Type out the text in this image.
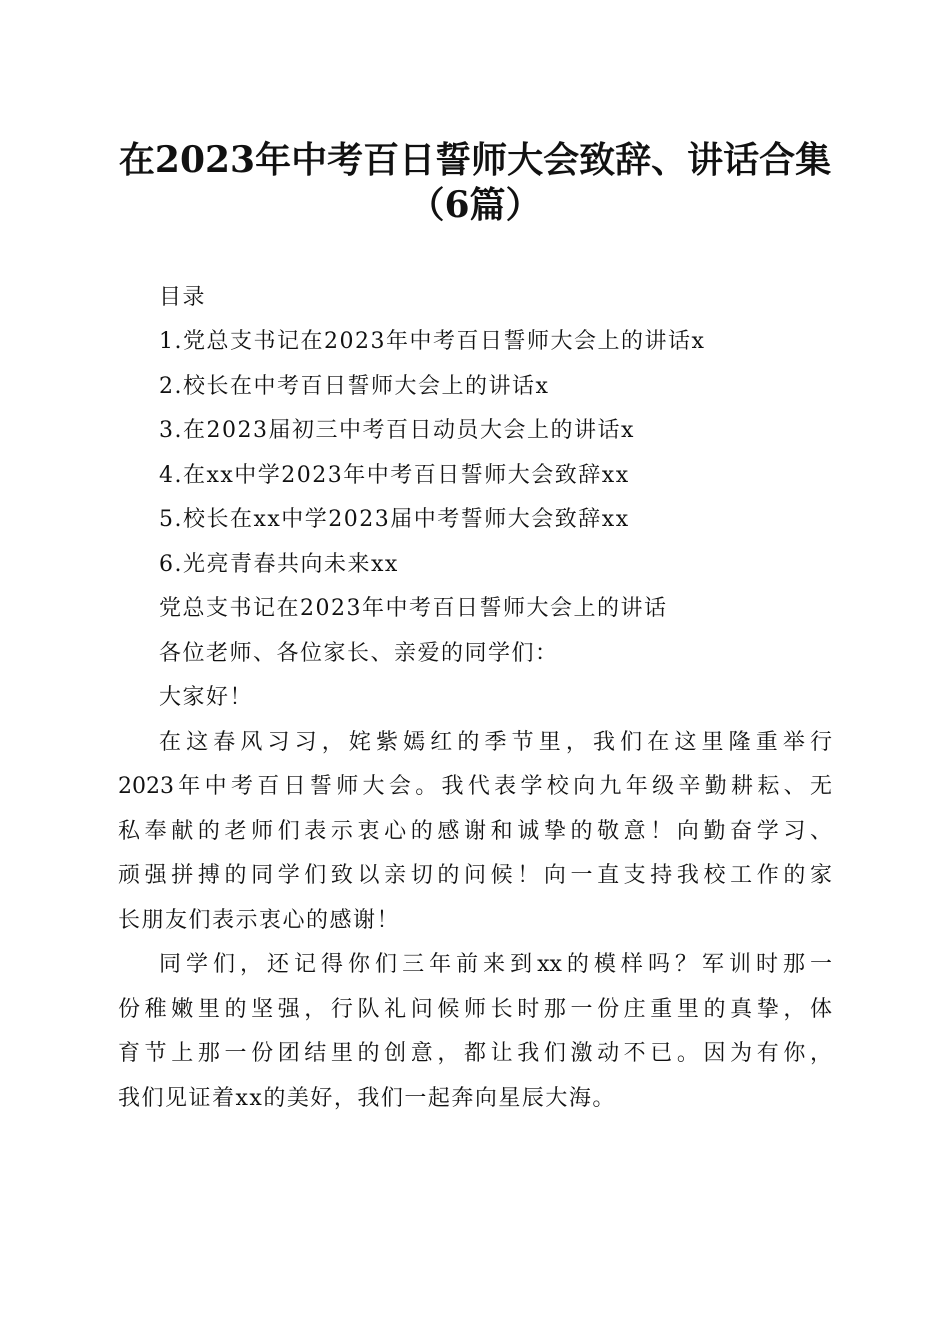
在2023年中考百日誓师大会致辞、讲话合集
（6篇）
目录
1.党总支书记在2023年中考百日誓师大会上的讲话x
2.校长在中考百日誓师大会上的讲话x
3.在2023届初三中考百日动员大会上的讲话x
4.在xx中学2023年中考百日誓师大会致辞xx
5.校长在xx中学2023届中考誓师大会致辞xx
6.光亮青春共向未来xx
党总支书记在2023年中考百日誓师大会上的讲话
各位老师、各位家长、亲爱的同学们：
大家好！
在这春风习习，姹紫嫣红的季节里，我们在这里隆重举行
2023年中考百日誓师大会。我代表学校向九年级辛勤耕耘、无
私奉献的老师们表示衷心的感谢和诚挚的敬意！向勤奋学习、
顽强拼搏的同学们致以亲切的问候！向一直支持我校工作的家
长朋友们表示衷心的感谢！
同学们，还记得你们三年前来到xx的模样吗？军训时那一
份稚嫩里的坚强，行队礼问候师长时那一份庄重里的真挚，体
育节上那一份团结里的创意，都让我们激动不已。因为有你，
我们见证着xx的美好，我们一起奔向星辰大海。
